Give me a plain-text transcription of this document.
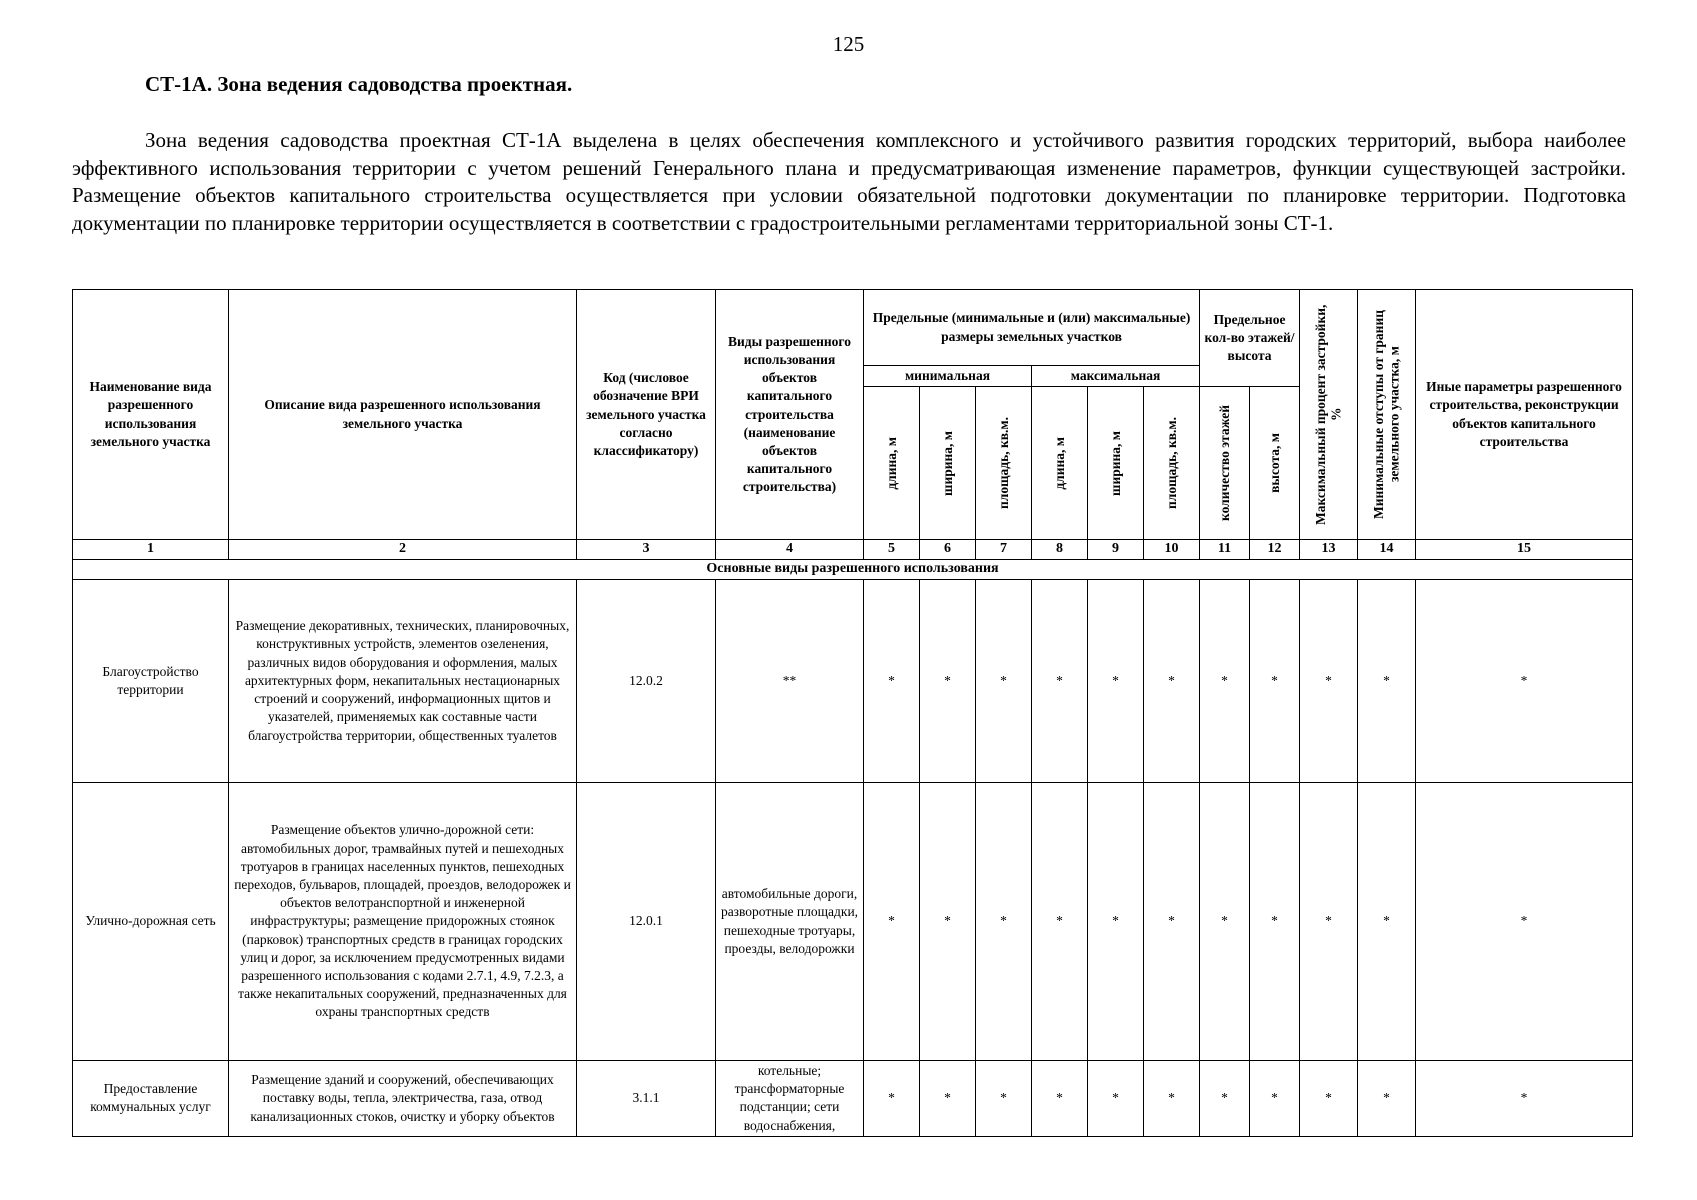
125
СТ-1А. Зона ведения садоводства проектная.

Зона ведения садоводства проектная СТ-1А выделена в целях обеспечения комплексного и устойчивого развития городских территорий, выбора наиболее эффективного использования территории с учетом решений Генерального плана и предусматривающая изменение параметров, функции существующей застройки. Размещение объектов капитального строительства осуществляется при условии обязательной подготовки документации по планировке территории. Подготовка документации по планировке территории осуществляется в соответствии с градостроительными регламентами территориальной зоны СТ-1.

Наименование вида разрешенного использования земельного участка	Описание вида разрешенного использования земельного участка	Код (числовое обозначение ВРИ земельного участка согласно классификатору)	Виды разрешенного использования объектов капитального строительства (наименование объектов капитального строительства)	Предельные (минимальные и (или) максимальные) размеры земельных участков						Предельное кол-во этажей/ высота		Максимальный процент застройки, %	Минимальные отступы от границ земельного участка, м	Иные параметры разрешенного строительства, реконструкции объектов капитального строительства
				минимальная			максимальная							

				длина, м	ширина, м	площадь, кв.м.	длина, м	ширина, м	площадь, кв.м.	количество этажей	высота, м			

1	2	3	4	5	6	7	8	9	10	11	12	13	14	15
Основные виды разрешенного использования														
Благоустройство территории	Размещение декоративных, технических, планировочных, конструктивных устройств, элементов озеленения, различных видов оборудования и оформления, малых архитектурных форм, некапитальных нестационарных строений и сооружений, информационных щитов и указателей, применяемых как составные части благоустройства территории, общественных туалетов	12.0.2	**	*	*	*	*	*	*	*	*	*	*	*
Улично-дорожная сеть	Размещение объектов улично-дорожной сети: автомобильных дорог, трамвайных путей и пешеходных тротуаров в границах населенных пунктов, пешеходных переходов, бульваров, площадей, проездов, велодорожек и объектов велотранспортной и инженерной инфраструктуры; размещение придорожных стоянок (парковок) транспортных средств в границах городских улиц и дорог, за исключением предусмотренных видами разрешенного использования с кодами 2.7.1, 4.9, 7.2.3, а также некапитальных сооружений, предназначенных для охраны транспортных средств	12.0.1	автомобильные дороги, разворотные площадки, пешеходные тротуары, проезды, велодорожки	*	*	*	*	*	*	*	*	*	*	*
Предоставление коммунальных услуг	Размещение зданий и сооружений, обеспечивающих поставку воды, тепла, электричества, газа, отвод канализационных стоков, очистку и уборку объектов	3.1.1	котельные; трансформаторные подстанции; сети водоснабжения,	*	*	*	*	*	*	*	*	*	*	*
